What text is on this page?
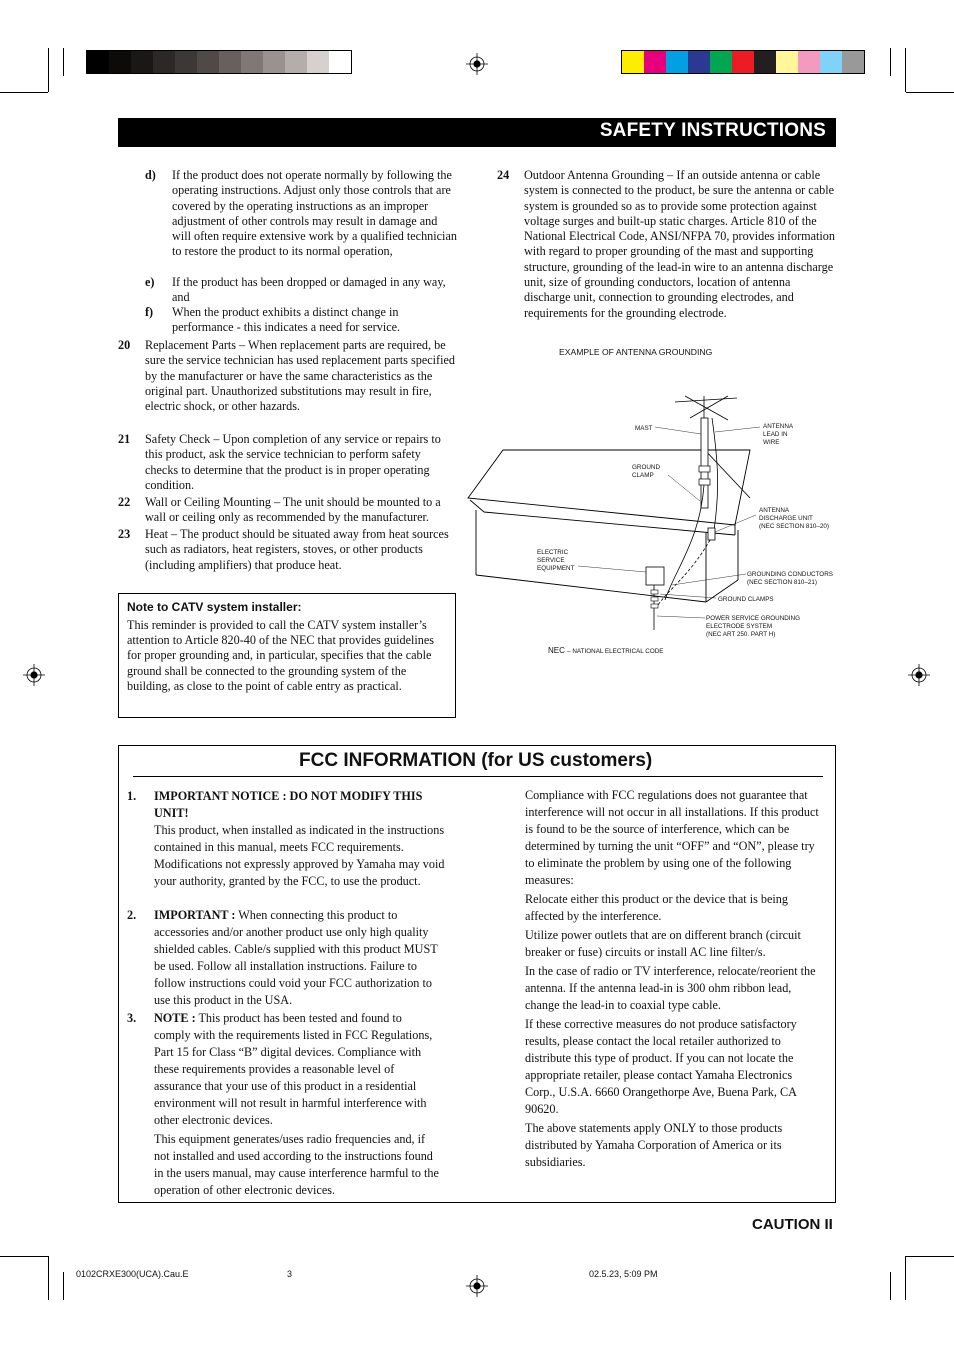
SAFETY INSTRUCTIONS
d) If the product does not operate normally by following the operating instructions. Adjust only those controls that are covered by the operating instructions as an improper adjustment of other controls may result in damage and will often require extensive work by a qualified technician to restore the product to its normal operation,
e) If the product has been dropped or damaged in any way, and
f) When the product exhibits a distinct change in performance - this indicates a need for service.
20 Replacement Parts – When replacement parts are required, be sure the service technician has used replacement parts specified by the manufacturer or have the same characteristics as the original part. Unauthorized substitutions may result in fire, electric shock, or other hazards.
21 Safety Check – Upon completion of any service or repairs to this product, ask the service technician to perform safety checks to determine that the product is in proper operating condition.
22 Wall or Ceiling Mounting – The unit should be mounted to a wall or ceiling only as recommended by the manufacturer.
23 Heat – The product should be situated away from heat sources such as radiators, heat registers, stoves, or other products (including amplifiers) that produce heat.
24 Outdoor Antenna Grounding – If an outside antenna or cable system is connected to the product, be sure the antenna or cable system is grounded so as to provide some protection against voltage surges and built-up static charges. Article 810 of the National Electrical Code, ANSI/NFPA 70, provides information with regard to proper grounding of the mast and supporting structure, grounding of the lead-in wire to an antenna discharge unit, size of grounding conductors, location of antenna discharge unit, connection to grounding electrodes, and requirements for the grounding electrode.
Note to CATV system installer:
This reminder is provided to call the CATV system installer’s attention to Article 820-40 of the NEC that provides guidelines for proper grounding and, in particular, specifies that the cable ground shall be connected to the grounding system of the building, as close to the point of cable entry as practical.
EXAMPLE OF ANTENNA GROUNDING
MAST	ANTENNA
LEAD IN
WIRE
GROUND
CLAMP
ANTENNA
DISCHARGE UNIT
(NEC SECTION 810–20)
ELECTRIC
SERVICE
EQUIPMENT
GROUNDING CONDUCTORS
(NEC SECTION 810–21)
GROUND CLAMPS
POWER SERVICE GROUNDING
ELECTRODE SYSTEM
(NEC ART 250. PART H)
NEC – NATIONAL ELECTRICAL CODE
FCC INFORMATION (for US customers)
1. IMPORTANT NOTICE : DO NOT MODIFY THIS UNIT!
This product, when installed as indicated in the instructions contained in this manual, meets FCC requirements. Modifications not expressly approved by Yamaha may void your authority, granted by the FCC, to use the product.
2. IMPORTANT : When connecting this product to accessories and/or another product use only high quality shielded cables. Cable/s supplied with this product MUST be used. Follow all installation instructions. Failure to follow instructions could void your FCC authorization to use this product in the USA.
3. NOTE : This product has been tested and found to comply with the requirements listed in FCC Regulations, Part 15 for Class “B” digital devices. Compliance with these requirements provides a reasonable level of assurance that your use of this product in a residential environment will not result in harmful interference with other electronic devices.
This equipment generates/uses radio frequencies and, if not installed and used according to the instructions found in the users manual, may cause interference harmful to the operation of other electronic devices.
Compliance with FCC regulations does not guarantee that interference will not occur in all installations. If this product is found to be the source of interference, which can be determined by turning the unit “OFF” and “ON”, please try to eliminate the problem by using one of the following measures:
Relocate either this product or the device that is being affected by the interference.
Utilize power outlets that are on different branch (circuit breaker or fuse) circuits or install AC line filter/s.
In the case of radio or TV interference, relocate/reorient the antenna. If the antenna lead-in is 300 ohm ribbon lead, change the lead-in to coaxial type cable.
If these corrective measures do not produce satisfactory results, please contact the local retailer authorized to distribute this type of product. If you can not locate the appropriate retailer, please contact Yamaha Electronics Corp., U.S.A. 6660 Orangethorpe Ave, Buena Park, CA 90620.
The above statements apply ONLY to those products distributed by Yamaha Corporation of America or its subsidiaries.
CAUTION II
0102CRXE300(UCA).Cau.E	3	02.5.23, 5:09 PM
